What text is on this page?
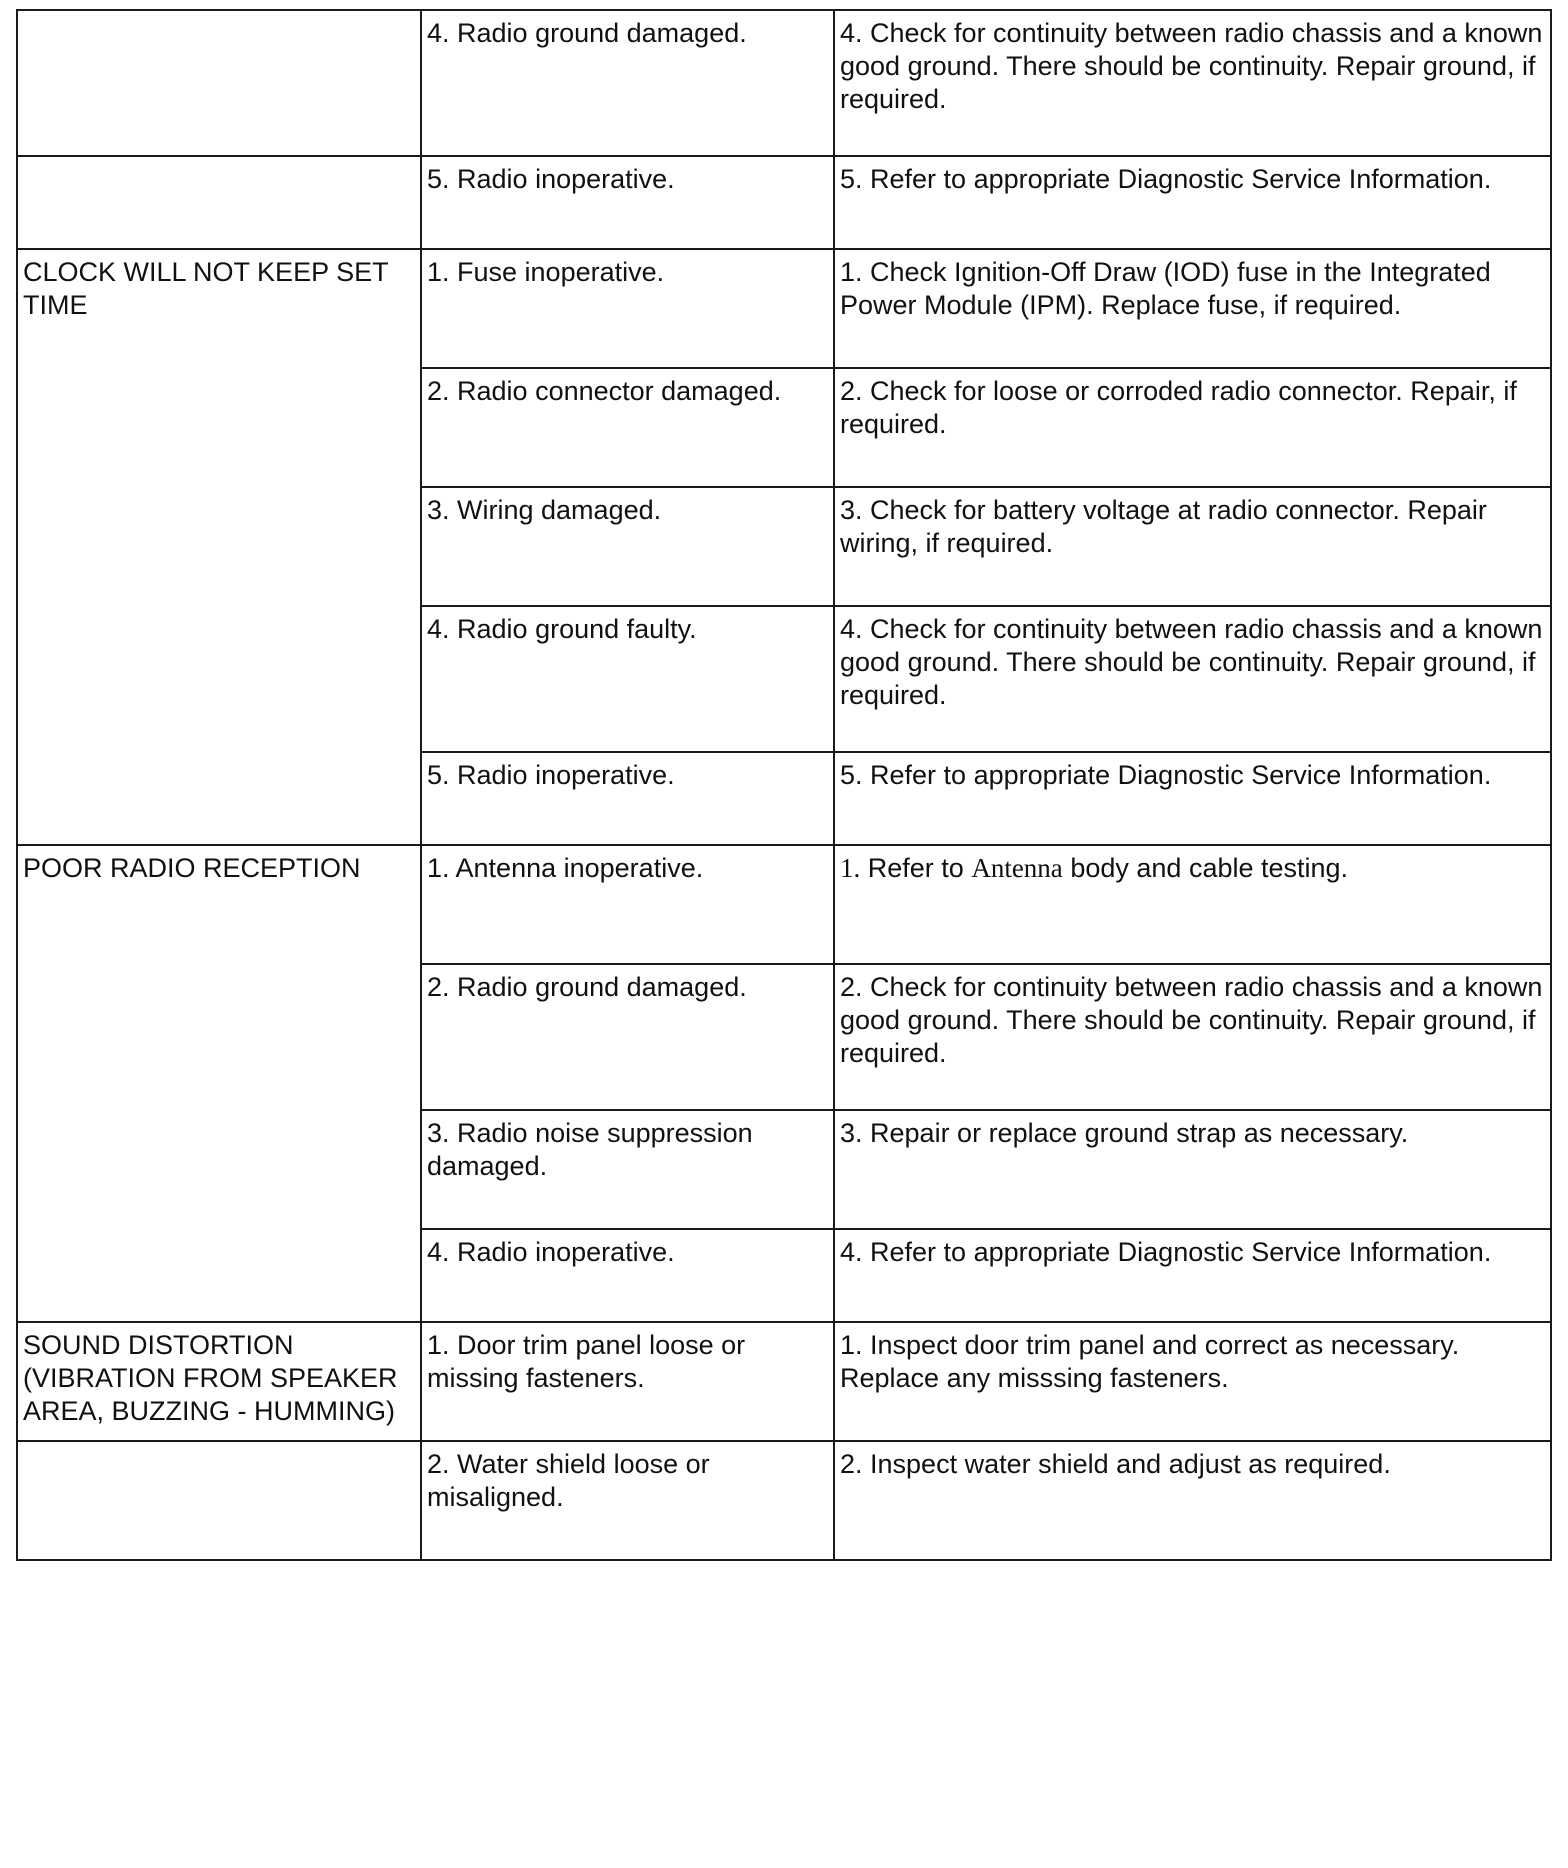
	4. Radio ground damaged.	4. Check for continuity between radio chassis and a known good ground. There should be continuity. Repair ground, if required.
	5. Radio inoperative.	5. Refer to appropriate Diagnostic Service Information.
CLOCK WILL NOT KEEP SET TIME	1. Fuse inoperative.	1. Check Ignition-Off Draw (IOD) fuse in the Integrated Power Module (IPM). Replace fuse, if required.
	2. Radio connector damaged.	2. Check for loose or corroded radio connector. Repair, if required.
	3. Wiring damaged.	3. Check for battery voltage at radio connector. Repair wiring, if required.
	4. Radio ground faulty.	4. Check for continuity between radio chassis and a known good ground. There should be continuity. Repair ground, if required.
	5. Radio inoperative.	5. Refer to appropriate Diagnostic Service Information.
POOR RADIO RECEPTION	1. Antenna inoperative.	1. Refer to Antenna body and cable testing.
	2. Radio ground damaged.	2. Check for continuity between radio chassis and a known good ground. There should be continuity. Repair ground, if required.
	3. Radio noise suppression damaged.	3. Repair or replace ground strap as necessary.
	4. Radio inoperative.	4. Refer to appropriate Diagnostic Service Information.
SOUND DISTORTION (VIBRATION FROM SPEAKER AREA, BUZZING - HUMMING)	1. Door trim panel loose or missing fasteners.	1. Inspect door trim panel and correct as necessary. Replace any misssing fasteners.
	2. Water shield loose or misaligned.	2. Inspect water shield and adjust as required.
